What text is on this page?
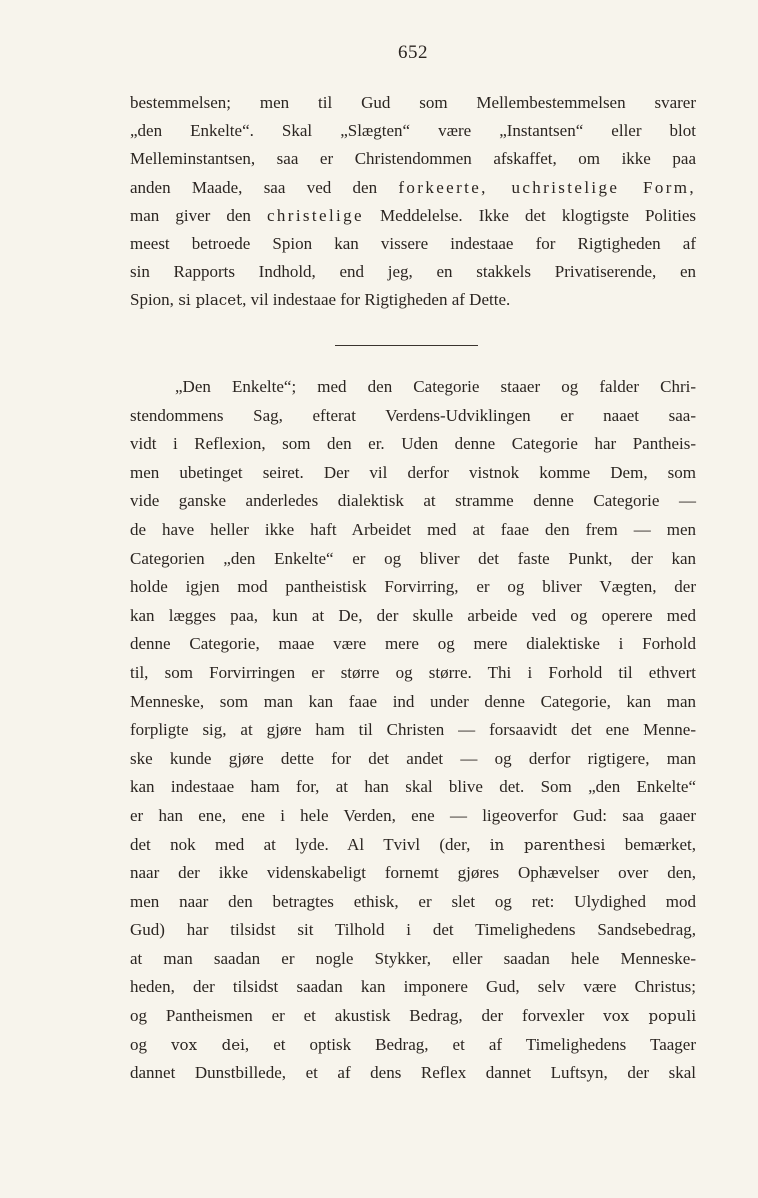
652
bestemmelsen; men til Gud som Mellembestemmelsen svarer
„den Enkelte“. Skal „Slægten“ være „Instantsen“ eller blot
Melleminstantsen, saa er Christendommen afskaffet, om ikke paa
anden Maade, saa ved den forkeerte, uchristelige Form,
man giver den christelige Meddelelse. Ikke det klogtigste Polities
meest betroede Spion kan vissere indestaae for Rigtigheden af
sin Rapports Indhold, end jeg, en stakkels Privatiserende, en
Spion, si placet, vil indestaae for Rigtigheden af Dette.
„Den Enkelte“; med den Categorie staaer og falder Chri-
stendommens Sag, efterat Verdens-Udviklingen er naaet saa-
vidt i Reflexion, som den er. Uden denne Categorie har Pantheis-
men ubetinget seiret. Der vil derfor vistnok komme Dem, som
vide ganske anderledes dialektisk at stramme denne Categorie —
de have heller ikke haft Arbeidet med at faae den frem — men
Categorien „den Enkelte“ er og bliver det faste Punkt, der kan
holde igjen mod pantheistisk Forvirring, er og bliver Vægten, der
kan lægges paa, kun at De, der skulle arbeide ved og operere med
denne Categorie, maae være mere og mere dialektiske i Forhold
til, som Forvirringen er større og større. Thi i Forhold til ethvert
Menneske, som man kan faae ind under denne Categorie, kan man
forpligte sig, at gjøre ham til Christen — forsaavidt det ene Menne-
ske kunde gjøre dette for det andet — og derfor rigtigere, man
kan indestaae ham for, at han skal blive det. Som „den Enkelte“
er han ene, ene i hele Verden, ene — ligeoverfor Gud: saa gaaer
det nok med at lyde. Al Tvivl (der, in parenthesi bemærket,
naar der ikke videnskabeligt fornemt gjøres Ophævelser over den,
men naar den betragtes ethisk, er slet og ret: Ulydighed mod
Gud) har tilsidst sit Tilhold i det Timelighedens Sandsebedrag,
at man saadan er nogle Stykker, eller saadan hele Menneske-
heden, der tilsidst saadan kan imponere Gud, selv være Christus;
og Pantheismen er et akustisk Bedrag, der forvexler vox populi
og vox dei, et optisk Bedrag, et af Timelighedens Taager
dannet Dunstbillede, et af dens Reflex dannet Luftsyn, der skal
